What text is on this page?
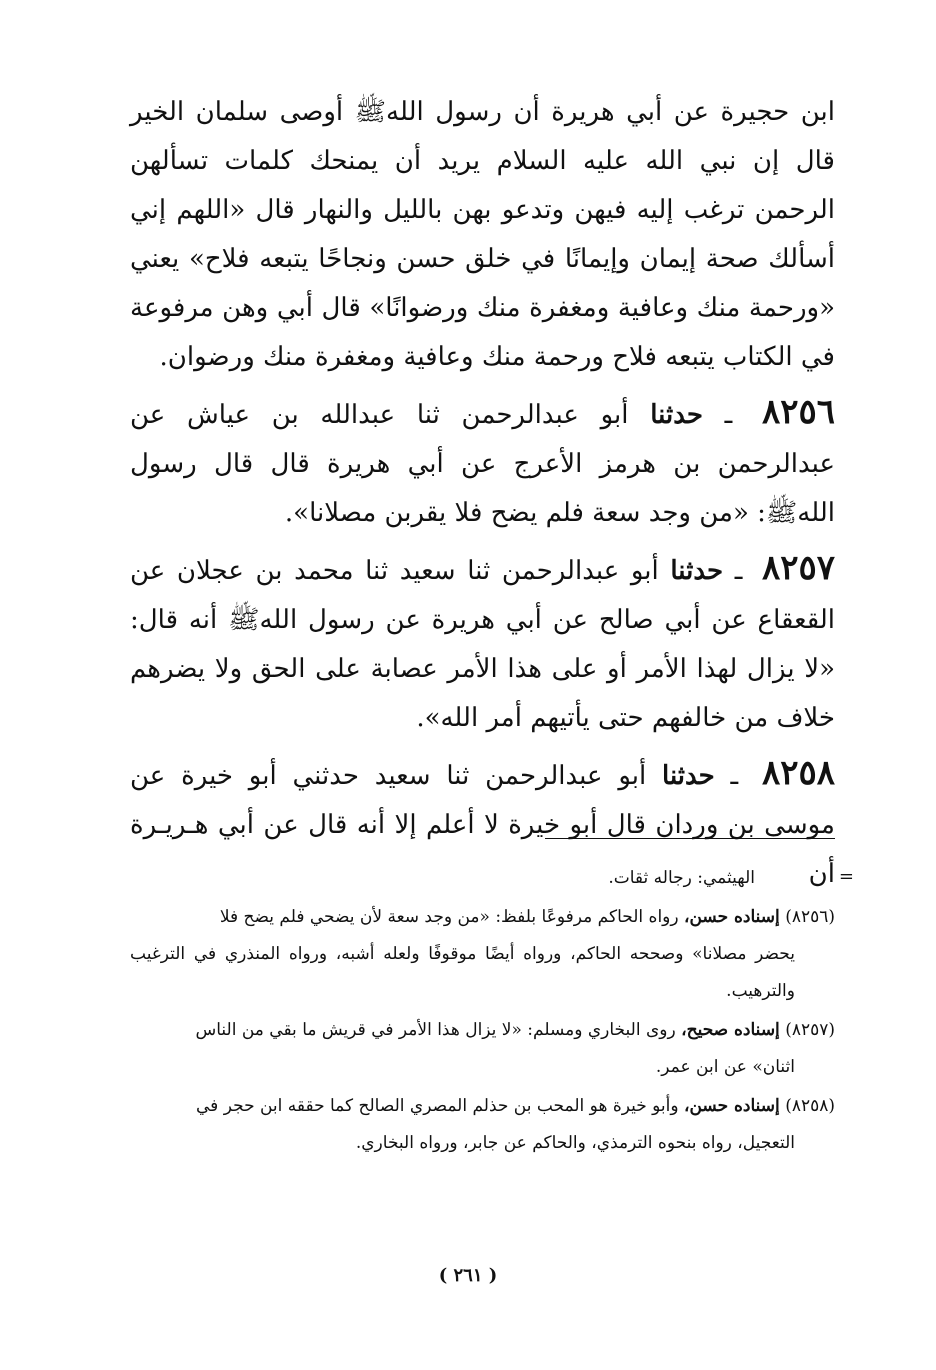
ابن حجيرة عن أبي هريرة أن رسول اللهﷺ أوصى سلمان الخير قال إن نبي الله عليه السلام يريد أن يمنحك كلمات تسألهن الرحمن ترغب إليه فيهن وتدعو بهن بالليل والنهار قال «اللهم إني أسألك صحة إيمان وإيمانًا في خلق حسن ونجاحًا يتبعه فلاح» يعني «ورحمة منك وعافية ومغفرة منك ورضوانًا» قال أبي وهن مرفوعة في الكتاب يتبعه فلاح ورحمة منك وعافية ومغفرة منك ورضوان.

٨٢٥٦ ـ حدثنا أبو عبدالرحمن ثنا عبدالله بن عياش عن عبدالرحمن بن هرمز الأعرج عن أبي هريرة قال قال رسول اللهﷺ: «من وجد سعة فلم يضح فلا يقربن مصلانا».

٨٢٥٧ ـ حدثنا أبو عبدالرحمن ثنا سعيد ثنا محمد بن عجلان عن القعقاع عن أبي صالح عن أبي هريرة عن رسول اللهﷺ أنه قال: «لا يزال لهذا الأمر أو على هذا الأمر عصابة على الحق ولا يضرهم خلاف من خالفهم حتى يأتيهم أمر الله».

٨٢٥٨ ـ حدثنا أبو عبدالرحمن ثنا سعيد حدثني أبو خيرة عن موسى بن وردان قال أبو خيرة لا أعلم إلا أنه قال عن أبي هـريـرة أن =

الهيثمي: رجاله ثقات.

(٨٢٥٦) إسناده حسن، رواه الحاكم مرفوعًا بلفظ: «من وجد سعة لأن يضحي فلم يضح فلا
يحضر مصلانا» وصححه الحاكم، ورواه أيضًا موقوفًا ولعله أشبه، ورواه المنذري في الترغيب والترهيب.

(٨٢٥٧) إسناده صحيح، روى البخاري ومسلم: «لا يزال هذا الأمر في قريش ما بقي من الناس
اثنان» عن ابن عمر.

(٨٢٥٨) إسناده حسن، وأبو خيرة هو المحب بن حذلم المصري الصالح كما حققه ابن حجر في
التعجيل، رواه بنحوه الترمذي، والحاكم عن جابر، ورواه البخاري.

( ٢٦١ )
